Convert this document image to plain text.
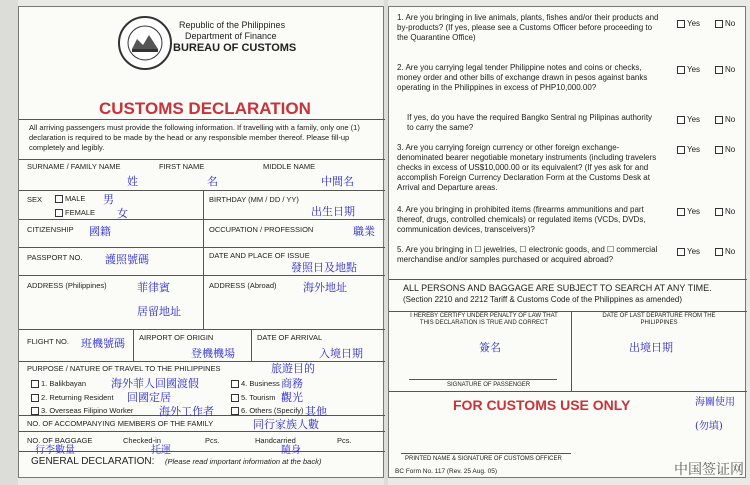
Republic of the Philippines
Department of Finance
BUREAU OF CUSTOMS
CUSTOMS DECLARATION
All arriving passengers must provide the following information. If travelling with a family, only one (1) declaration is required to be made by the head or any responsible member thereof. Please fill-up completely and legibly.
SURNAME / FAMILY NAME	FIRST NAME	MIDDLE NAME
姓	名	中間名
SEX	MALE 男
FEMALE 女
BIRTHDAY (MM / DD / YY)
出生日期
CITIZENSHIP 國籍	OCCUPATION / PROFESSION	職業
PASSPORT NO. 護照號碼	DATE AND PLACE OF ISSUE
發照日及地點
ADDRESS (Philippines)	菲律賓
居留地址
ADDRESS (Abroad) 海外地址
FLIGHT NO. 班機號碼 AIRPORT OF ORIGIN
登機機場
DATE OF ARRIVAL
入境日期
PURPOSE / NATURE OF TRAVEL TO THE PHILIPPINES	旅遊目的
1. Balikbayan 海外菲人回國渡假
2. Returning Resident 回國定居
3. Overseas Filipino Worker 海外工作者
4. Business 商務
5. Tourism 觀光
6. Others (Specify) 其他
NO. OF ACCOMPANYING MEMBERS OF THE FAMILY	同行家族人數
NO. OF BAGGAGE	Checked-in	Pcs.	Handcarried	Pcs.
行李數量	托運	隨身
GENERAL DECLARATION: (Please read important information at the back)
1. Are you bringing in live animals, plants, fishes and/or their products and by-products? (If yes, please see a Customs Officer before proceeding to the Quarantine Office)
2. Are you carrying legal tender Philippine notes and coins or checks, money order and other bills of exchange drawn in pesos against banks operating in the Philippines in excess of PHP10,000.00?
If yes, do you have the required Bangko Sentral ng Pilipinas authority to carry the same?
3. Are you carrying foreign currency or other foreign exchange-denominated bearer negotiable monetary instruments (including travelers checks in excess of US$10,000.00 or its equivalent? (If yes ask for and accomplish Foreign Currency Declaration Form at the Customs Desk at Arrival and Departure areas.
4. Are you bringing in prohibited items (firearms ammunitions and part thereof, drugs, controlled chemicals) or regulated items (VCDs, DVDs, communication devices, transceivers)?
5. Are you bringing in ☐ jewelries, ☐ electronic goods, and ☐ commercial merchandise and/or samples purchased or acquired abroad?
Yes	No
Yes	No
Yes	No
Yes	No
Yes	No
Yes	No
ALL PERSONS AND BAGGAGE ARE SUBJECT TO SEARCH AT ANY TIME.
(Section 2210 and 2212 Tariff & Customs Code of the Philippines as amended)
I HEREBY CERTIFY UNDER PENALTY OF LAW THAT THIS DECLARATION IS TRUE AND CORRECT
簽名
DATE OF LAST DEPARTURE FROM THE PHILIPPINES
出境日期
SIGNATURE OF PASSENGER
FOR CUSTOMS USE ONLY	海關使用
(勿填)
PRINTED NAME & SIGNATURE OF CUSTOMS OFFICER
BC Form No. 117 (Rev. 25 Aug. 05)	中国签证网
